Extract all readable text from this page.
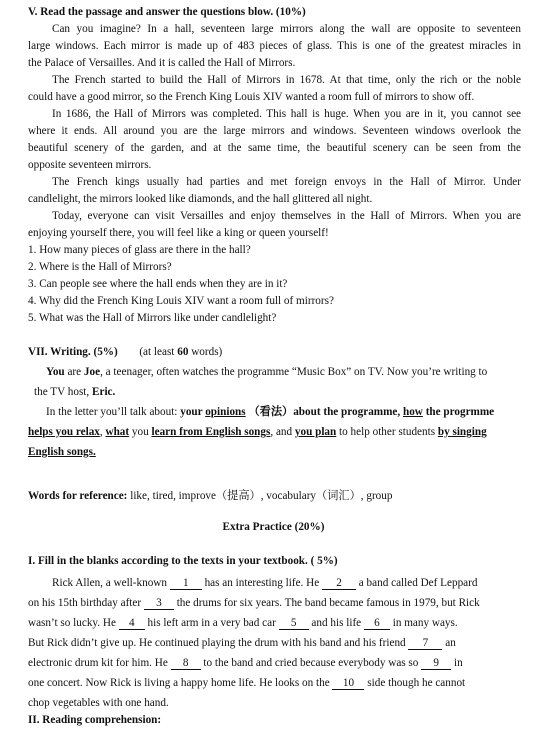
V. Read the passage and answer the questions blow. (10%)
Can you imagine? In a hall, seventeen large mirrors along the wall are opposite to seventeen
large windows. Each mirror is made up of 483 pieces of glass. This is one of the greatest miracles in
the Palace of Versailles. And it is called the Hall of Mirrors.
The French started to build the Hall of Mirrors in 1678. At that time, only the rich or the noble
could have a good mirror, so the French King Louis XIV wanted a room full of mirrors to show off.
In 1686, the Hall of Mirrors was completed. This hall is huge. When you are in it, you cannot see
where it ends. All around you are the large mirrors and windows. Seventeen windows overlook the
beautiful scenery of the garden, and at the same time, the beautiful scenery can be seen from the
opposite seventeen mirrors.
The French kings usually had parties and met foreign envoys in the Hall of Mirror. Under
candlelight, the mirrors looked like diamonds, and the hall glittered all night.
Today, everyone can visit Versailles and enjoy themselves in the Hall of Mirrors. When you are
enjoying yourself there, you will feel like a king or queen yourself!
1. How many pieces of glass are there in the hall?
2. Where is the Hall of Mirrors?
3. Can people see where the hall ends when they are in it?
4. Why did the French King Louis XIV want a room full of mirrors?
5. What was the Hall of Mirrors like under candlelight?
VII. Writing. (5%) (at least 60 words)
You are Joe, a teenager, often watches the programme “Music Box” on TV. Now you’re writing to
the TV host, Eric.
In the letter you’ll talk about: your opinions （看法）about the programme, how the progrmme
helps you relax, what you learn from English songs, and you plan to help other students by singing
English songs.
Words for reference: like, tired, improve（提高）, vocabulary（词汇）, group
Extra Practice (20%)
I. Fill in the blanks according to the texts in your textbook. ( 5%)
Rick Allen, a well-known 1 has an interesting life. He 2 a band called Def Leppard
on his 15th birthday after 3 the drums for six years. The band became famous in 1979, but Rick
wasn’t so lucky. He 4 his left arm in a very bad car 5 and his life 6 in many ways.
But Rick didn’t give up. He continued playing the drum with his band and his friend 7 an
electronic drum kit for him. He 8 to the band and cried because everybody was so 9 in
one concert. Now Rick is living a happy home life. He looks on the 10 side though he cannot
chop vegetables with one hand.
II. Reading comprehension:
